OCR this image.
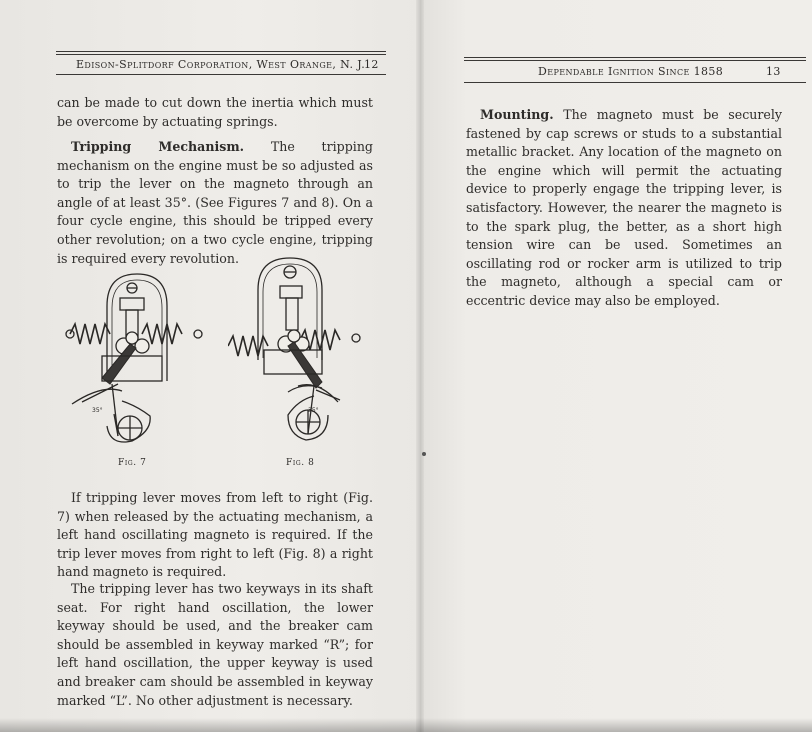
Edison-Splitdorf Corporation, West Orange, N. J.
12

can be made to cut down the inertia which must be overcome by actuating springs.

Tripping Mechanism. The tripping mechanism on the engine must be so adjusted as to trip the lever on the magneto through an angle of at least 35°. (See Figures 7 and 8). On a four cycle engine, this should be tripped every other revolution; on a two cycle engine, tripping is required every revolution.

35°
Fig. 7
35°
Fig. 8

If tripping lever moves from left to right (Fig. 7) when released by the actuating mechanism, a left hand oscillating magneto is required. If the trip lever moves from right to left (Fig. 8) a right hand magneto is required.

The tripping lever has two keyways in its shaft seat. For right hand oscillation, the lower keyway should be used, and the breaker cam should be assembled in keyway marked “R”; for left hand oscillation, the upper keyway is used and breaker cam should be assembled in keyway marked “L”. No other adjustment is necessary.

Dependable Ignition Since 1858	13

Mounting. The magneto must be securely fastened by cap screws or studs to a substantial metallic bracket. Any location of the magneto on the engine which will permit the actuating device to properly engage the tripping lever, is satisfactory. However, the nearer the magneto is to the spark plug, the better, as a short high tension wire can be used. Sometimes an oscillating rod or rocker arm is utilized to trip the magneto, although a special cam or eccentric device may also be employed.
